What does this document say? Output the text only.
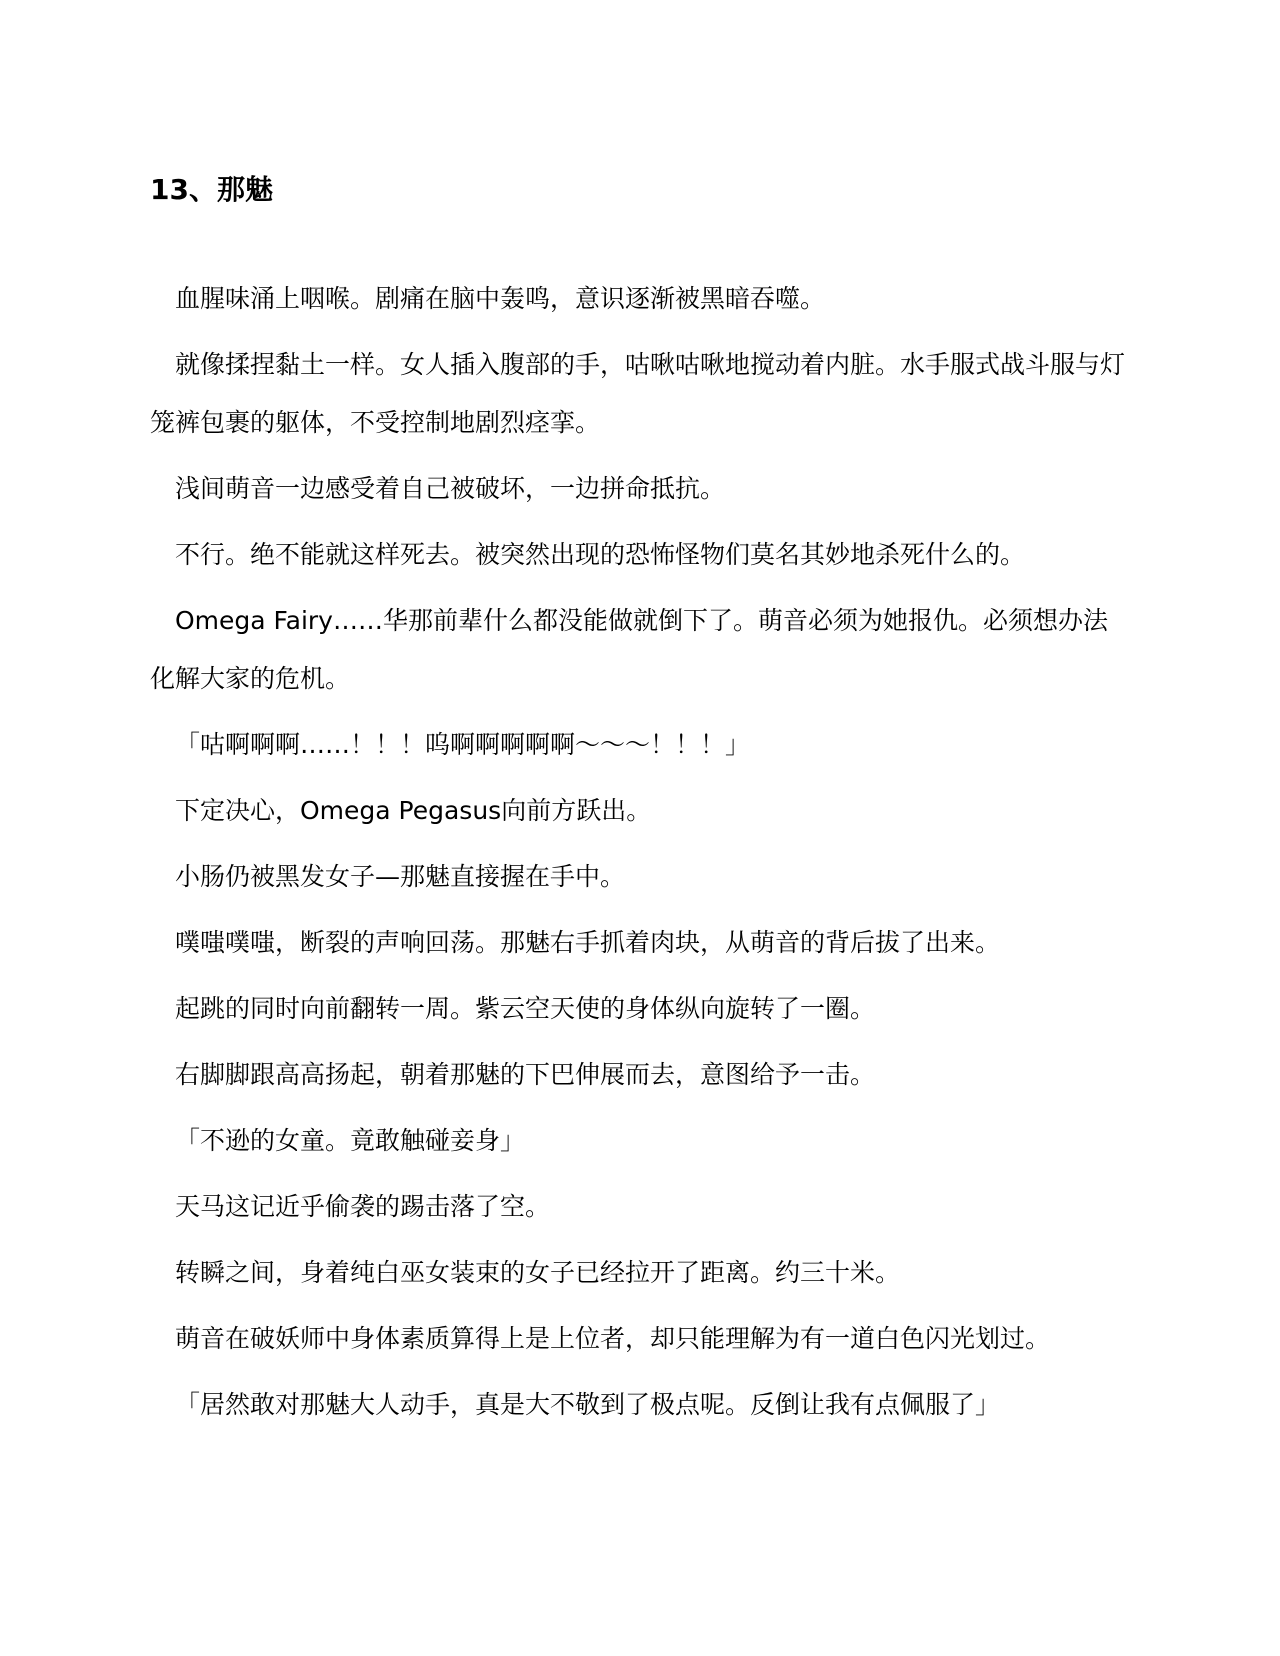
13、那魅

血腥味涌上咽喉。剧痛在脑中轰鸣，意识逐渐被黑暗吞噬。

就像揉捏黏土一样。女人插入腹部的手，咕啾咕啾地搅动着内脏。水手服式战斗服与灯笼裤包裹的躯体，不受控制地剧烈痉挛。

浅间萌音一边感受着自己被破坏，一边拼命抵抗。

不行。绝不能就这样死去。被突然出现的恐怖怪物们莫名其妙地杀死什么的。

Omega Fairy……华那前辈什么都没能做就倒下了。萌音必须为她报仇。必须想办法化解大家的危机。

「咕啊啊啊……！！！呜啊啊啊啊啊～～～！！！」

下定决心，Omega Pegasus向前方跃出。

小肠仍被黑发女子—那魅直接握在手中。

噗嗤噗嗤，断裂的声响回荡。那魅右手抓着肉块，从萌音的背后拔了出来。

起跳的同时向前翻转一周。紫云空天使的身体纵向旋转了一圈。

右脚脚跟高高扬起，朝着那魅的下巴伸展而去，意图给予一击。

「不逊的女童。竟敢触碰妾身」

天马这记近乎偷袭的踢击落了空。

转瞬之间，身着纯白巫女装束的女子已经拉开了距离。约三十米。

萌音在破妖师中身体素质算得上是上位者，却只能理解为有一道白色闪光划过。

「居然敢对那魅大人动手，真是大不敬到了极点呢。反倒让我有点佩服了」
